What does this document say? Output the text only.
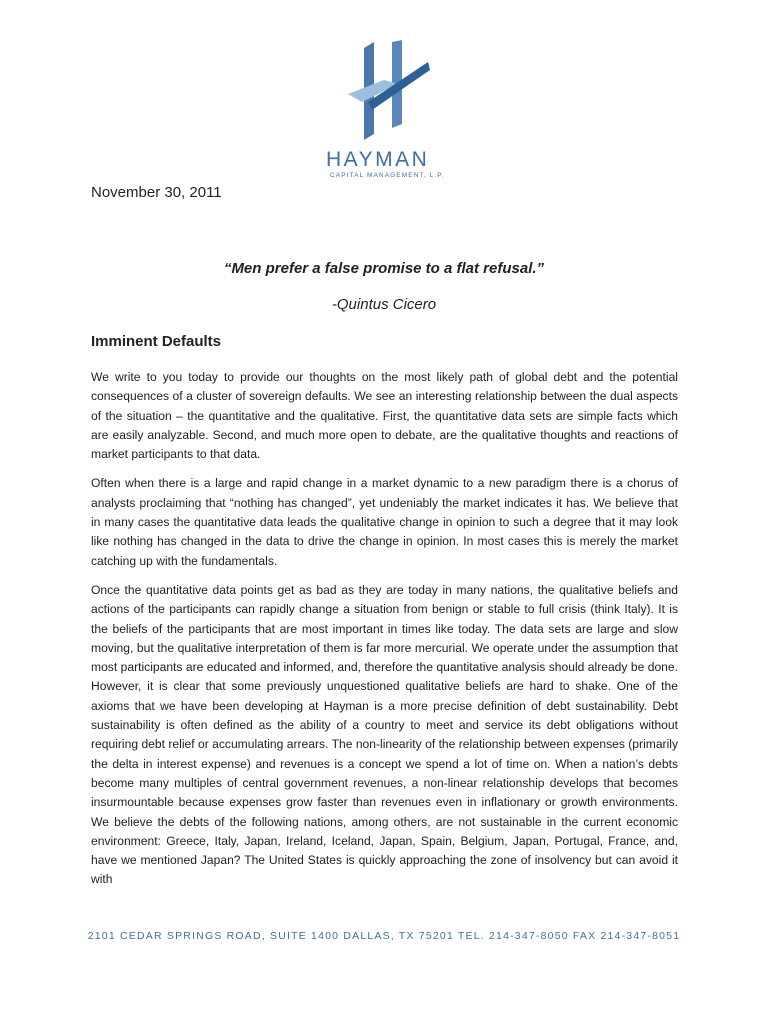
HAYMAN
CAPITAL MANAGEMENT, L.P.
November 30, 2011
“Men prefer a false promise to a flat refusal.”
-Quintus Cicero
Imminent Defaults

We write to you today to provide our thoughts on the most likely path of global debt and the potential consequences of a cluster of sovereign defaults. We see an interesting relationship between the dual aspects of the situation – the quantitative and the qualitative. First, the quantitative data sets are simple facts which are easily analyzable. Second, and much more open to debate, are the qualitative thoughts and reactions of market participants to that data.

Often when there is a large and rapid change in a market dynamic to a new paradigm there is a chorus of analysts proclaiming that “nothing has changed”, yet undeniably the market indicates it has. We believe that in many cases the quantitative data leads the qualitative change in opinion to such a degree that it may look like nothing has changed in the data to drive the change in opinion. In most cases this is merely the market catching up with the fundamentals.

Once the quantitative data points get as bad as they are today in many nations, the qualitative beliefs and actions of the participants can rapidly change a situation from benign or stable to full crisis (think Italy). It is the beliefs of the participants that are most important in times like today. The data sets are large and slow moving, but the qualitative interpretation of them is far more mercurial. We operate under the assumption that most participants are educated and informed, and, therefore the quantitative analysis should already be done. However, it is clear that some previously unquestioned qualitative beliefs are hard to shake. One of the axioms that we have been developing at Hayman is a more precise definition of debt sustainability. Debt sustainability is often defined as the ability of a country to meet and service its debt obligations without requiring debt relief or accumulating arrears. The non-linearity of the relationship between expenses (primarily the delta in interest expense) and revenues is a concept we spend a lot of time on. When a nation’s debts become many multiples of central government revenues, a non-linear relationship develops that becomes insurmountable because expenses grow faster than revenues even in inflationary or growth environments. We believe the debts of the following nations, among others, are not sustainable in the current economic environment: Greece, Italy, Japan, Ireland, Iceland, Japan, Spain, Belgium, Japan, Portugal, France, and, have we mentioned Japan? The United States is quickly approaching the zone of insolvency but can avoid it with

2101 CEDAR SPRINGS ROAD, SUITE 1400 DALLAS, TX 75201 TEL. 214-347-8050 FAX 214-347-8051
